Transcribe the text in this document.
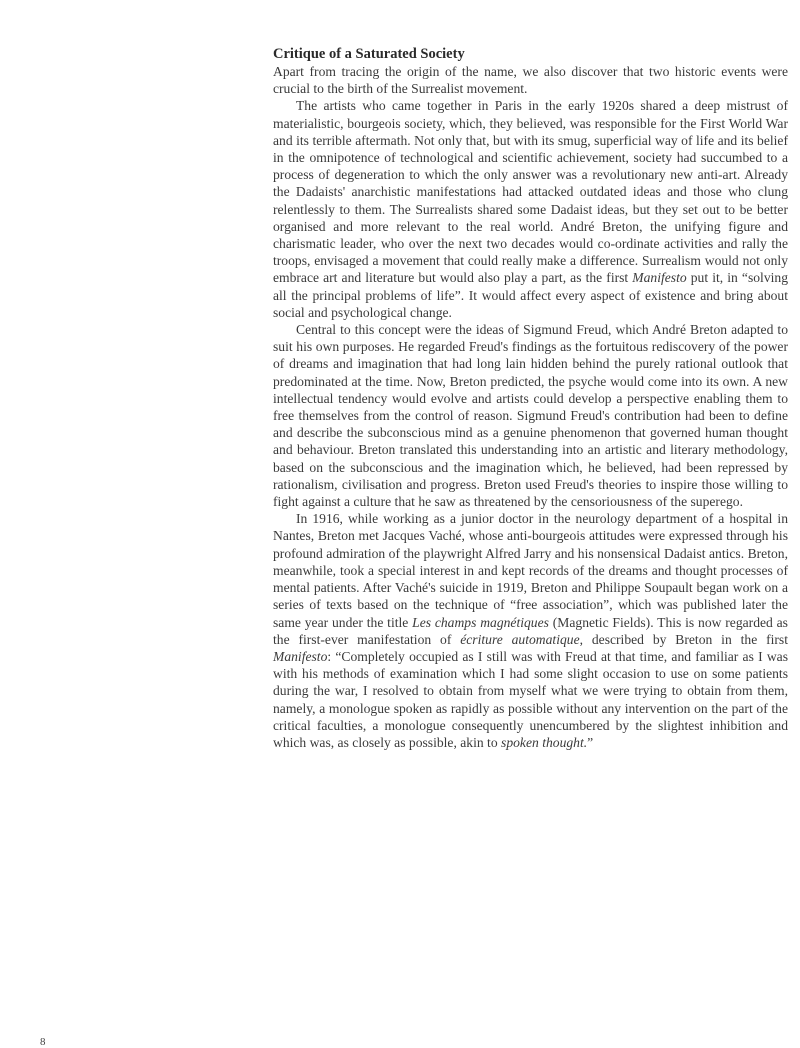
Critique of a Saturated Society

Apart from tracing the origin of the name, we also discover that two historic events were crucial to the birth of the Surrealist movement.

The artists who came together in Paris in the early 1920s shared a deep mistrust of materialistic, bourgeois society, which, they believed, was responsible for the First World War and its terrible aftermath. Not only that, but with its smug, superficial way of life and its belief in the omnipotence of technological and scientific achievement, society had succumbed to a process of degeneration to which the only answer was a revolutionary new anti-art. Already the Dadaists' anarchistic manifestations had attacked outdated ideas and those who clung relentlessly to them. The Surrealists shared some Dadaist ideas, but they set out to be better organised and more relevant to the real world. André Breton, the unifying figure and charismatic leader, who over the next two decades would co-ordinate activities and rally the troops, envisaged a movement that could really make a difference. Surrealism would not only embrace art and literature but would also play a part, as the first Manifesto put it, in “solving all the principal problems of life”. It would affect every aspect of existence and bring about social and psychological change.

Central to this concept were the ideas of Sigmund Freud, which André Breton adapted to suit his own purposes. He regarded Freud's findings as the fortuitous rediscovery of the power of dreams and imagination that had long lain hidden behind the purely rational outlook that predominated at the time. Now, Breton predicted, the psyche would come into its own. A new intellectual tendency would evolve and artists could develop a perspective enabling them to free themselves from the control of reason. Sigmund Freud's contribution had been to define and describe the subconscious mind as a genuine phenomenon that governed human thought and behaviour. Breton translated this understanding into an artistic and literary methodology, based on the subconscious and the imagination which, he believed, had been repressed by rationalism, civilisation and progress. Breton used Freud's theories to inspire those willing to fight against a culture that he saw as threatened by the censoriousness of the superego.

In 1916, while working as a junior doctor in the neurology department of a hospital in Nantes, Breton met Jacques Vaché, whose anti-bourgeois attitudes were expressed through his profound admiration of the playwright Alfred Jarry and his nonsensical Dadaist antics. Breton, meanwhile, took a special interest in and kept records of the dreams and thought processes of mental patients. After Vaché's suicide in 1919, Breton and Philippe Soupault began work on a series of texts based on the technique of “free association”, which was published later the same year under the title Les champs magnétiques (Magnetic Fields). This is now regarded as the first-ever manifestation of écriture automatique, described by Breton in the first Manifesto: “Completely occupied as I still was with Freud at that time, and familiar as I was with his methods of examination which I had some slight occasion to use on some patients during the war, I resolved to obtain from myself what we were trying to obtain from them, namely, a monologue spoken as rapidly as possible without any intervention on the part of the critical faculties, a monologue consequently unencumbered by the slightest inhibition and which was, as closely as possible, akin to spoken thought.”

8
